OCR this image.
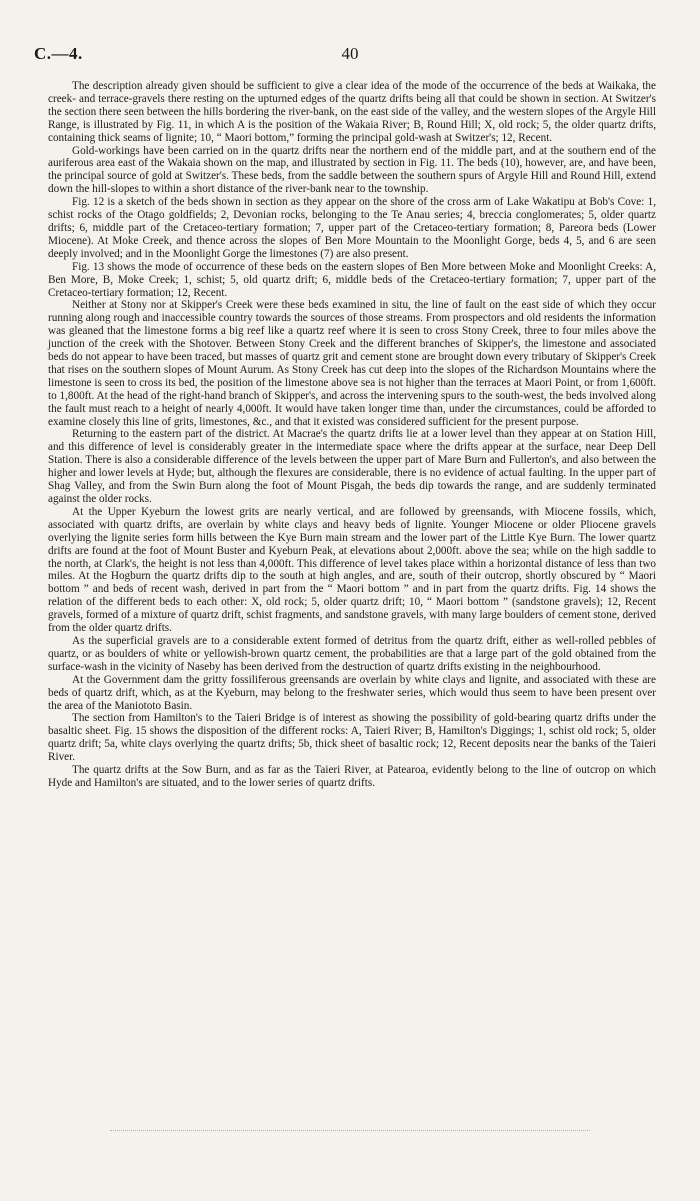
C.—4.	40

The description already given should be sufficient to give a clear idea of the mode of the occurrence of the beds at Waikaka, the creek- and terrace-gravels there resting on the upturned edges of the quartz drifts being all that could be shown in section. At Switzer's the section there seen between the hills bordering the river-bank, on the east side of the valley, and the western slopes of the Argyle Hill Range, is illustrated by Fig. 11, in which A is the position of the Wakaia River; B, Round Hill; X, old rock; 5, the older quartz drifts, containing thick seams of lignite; 10, “ Maori bottom,” forming the principal gold-wash at Switzer's; 12, Recent.

Gold-workings have been carried on in the quartz drifts near the northern end of the middle part, and at the southern end of the auriferous area east of the Wakaia shown on the map, and illustrated by section in Fig. 11. The beds (10), however, are, and have been, the principal source of gold at Switzer's. These beds, from the saddle between the southern spurs of Argyle Hill and Round Hill, extend down the hill-slopes to within a short distance of the river-bank near to the township.

Fig. 12 is a sketch of the beds shown in section as they appear on the shore of the cross arm of Lake Wakatipu at Bob's Cove: 1, schist rocks of the Otago goldfields; 2, Devonian rocks, belonging to the Te Anau series; 4, breccia conglomerates; 5, older quartz drifts; 6, middle part of the Cretaceo-tertiary formation; 7, upper part of the Cretaceo-tertiary formation; 8, Pareora beds (Lower Miocene). At Moke Creek, and thence across the slopes of Ben More Mountain to the Moonlight Gorge, beds 4, 5, and 6 are seen deeply involved; and in the Moonlight Gorge the limestones (7) are also present.

Fig. 13 shows the mode of occurrence of these beds on the eastern slopes of Ben More between Moke and Moonlight Creeks: A, Ben More, B, Moke Creek; 1, schist; 5, old quartz drift; 6, middle beds of the Cretaceo-tertiary formation; 7, upper part of the Cretaceo-tertiary formation; 12, Recent.

Neither at Stony nor at Skipper's Creek were these beds examined in situ, the line of fault on the east side of which they occur running along rough and inaccessible country towards the sources of those streams. From prospectors and old residents the information was gleaned that the limestone forms a big reef like a quartz reef where it is seen to cross Stony Creek, three to four miles above the junction of the creek with the Shotover. Between Stony Creek and the different branches of Skipper's, the limestone and associated beds do not appear to have been traced, but masses of quartz grit and cement stone are brought down every tributary of Skipper's Creek that rises on the southern slopes of Mount Aurum. As Stony Creek has cut deep into the slopes of the Richardson Mountains where the limestone is seen to cross its bed, the position of the limestone above sea is not higher than the terraces at Maori Point, or from 1,600ft. to 1,800ft. At the head of the right-hand branch of Skipper's, and across the intervening spurs to the south-west, the beds involved along the fault must reach to a height of nearly 4,000ft. It would have taken longer time than, under the circumstances, could be afforded to examine closely this line of grits, limestones, &c., and that it existed was considered sufficient for the present purpose.

Returning to the eastern part of the district. At Macrae's the quartz drifts lie at a lower level than they appear at on Station Hill, and this difference of level is considerably greater in the intermediate space where the drifts appear at the surface, near Deep Dell Station. There is also a considerable difference of the levels between the upper part of Mare Burn and Fullerton's, and also between the higher and lower levels at Hyde; but, although the flexures are considerable, there is no evidence of actual faulting. In the upper part of Shag Valley, and from the Swin Burn along the foot of Mount Pisgah, the beds dip towards the range, and are suddenly terminated against the older rocks.

At the Upper Kyeburn the lowest grits are nearly vertical, and are followed by greensands, with Miocene fossils, which, associated with quartz drifts, are overlain by white clays and heavy beds of lignite. Younger Miocene or older Pliocene gravels overlying the lignite series form hills between the Kye Burn main stream and the lower part of the Little Kye Burn. The lower quartz drifts are found at the foot of Mount Buster and Kyeburn Peak, at elevations about 2,000ft. above the sea; while on the high saddle to the north, at Clark's, the height is not less than 4,000ft. This difference of level takes place within a horizontal distance of less than two miles. At the Hogburn the quartz drifts dip to the south at high angles, and are, south of their outcrop, shortly obscured by “ Maori bottom ” and beds of recent wash, derived in part from the “ Maori bottom ” and in part from the quartz drifts. Fig. 14 shows the relation of the different beds to each other: X, old rock; 5, older quartz drift; 10, “ Maori bottom ” (sandstone gravels); 12, Recent gravels, formed of a mixture of quartz drift, schist fragments, and sandstone gravels, with many large boulders of cement stone, derived from the older quartz drifts.

As the superficial gravels are to a considerable extent formed of detritus from the quartz drift, either as well-rolled pebbles of quartz, or as boulders of white or yellowish-brown quartz cement, the probabilities are that a large part of the gold obtained from the surface-wash in the vicinity of Naseby has been derived from the destruction of quartz drifts existing in the neighbourhood.

At the Government dam the gritty fossiliferous greensands are overlain by white clays and lignite, and associated with these are beds of quartz drift, which, as at the Kyeburn, may belong to the freshwater series, which would thus seem to have been present over the area of the Maniototo Basin.

The section from Hamilton's to the Taieri Bridge is of interest as showing the possibility of gold-bearing quartz drifts under the basaltic sheet. Fig. 15 shows the disposition of the different rocks: A, Taieri River; B, Hamilton's Diggings; 1, schist old rock; 5, older quartz drift; 5a, white clays overlying the quartz drifts; 5b, thick sheet of basaltic rock; 12, Recent deposits near the banks of the Taieri River.

The quartz drifts at the Sow Burn, and as far as the Taieri River, at Patearoa, evidently belong to the line of outcrop on which Hyde and Hamilton's are situated, and to the lower series of quartz drifts.
